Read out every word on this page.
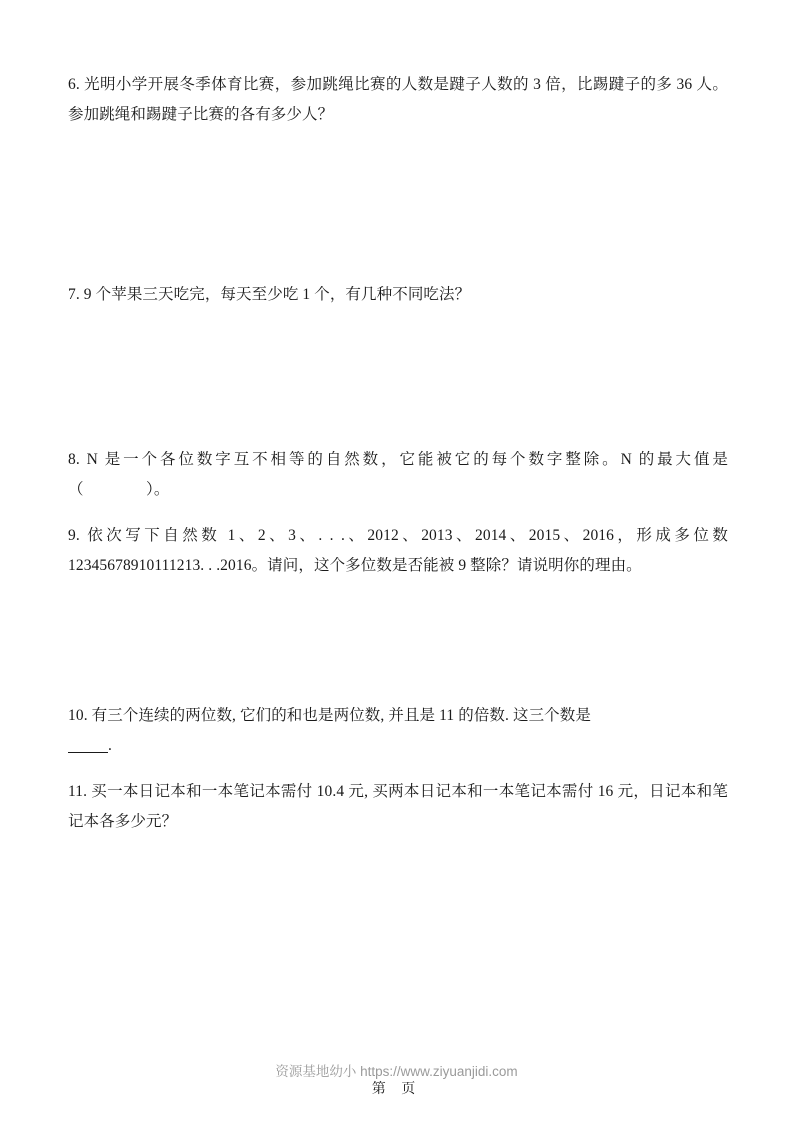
6. 光明小学开展冬季体育比赛，参加跳绳比赛的人数是踺子人数的 3 倍，比踢踺子的多 36 人。参加跳绳和踢踺子比赛的各有多少人？
7. 9 个苹果三天吃完，每天至少吃 1 个，有几种不同吃法？
8. N 是一个各位数字互不相等的自然数，它能被它的每个数字整除。N 的最大值是（　　　　）。
9. 依次写下自然数 1、2、3、. . .、2012、2013、2014、2015、2016，形成多位数 12345678910111213. . .2016。请问，这个多位数是否能被 9 整除？请说明你的理由。
10. 有三个连续的两位数, 它们的和也是两位数, 并且是 11 的倍数. 这三个数是
.
11. 买一本日记本和一本笔记本需付 10.4 元, 买两本日记本和一本笔记本需付 16 元，日记本和笔记本各多少元？
资源基地幼小 https://www.ziyuanjidi.com
第 页
